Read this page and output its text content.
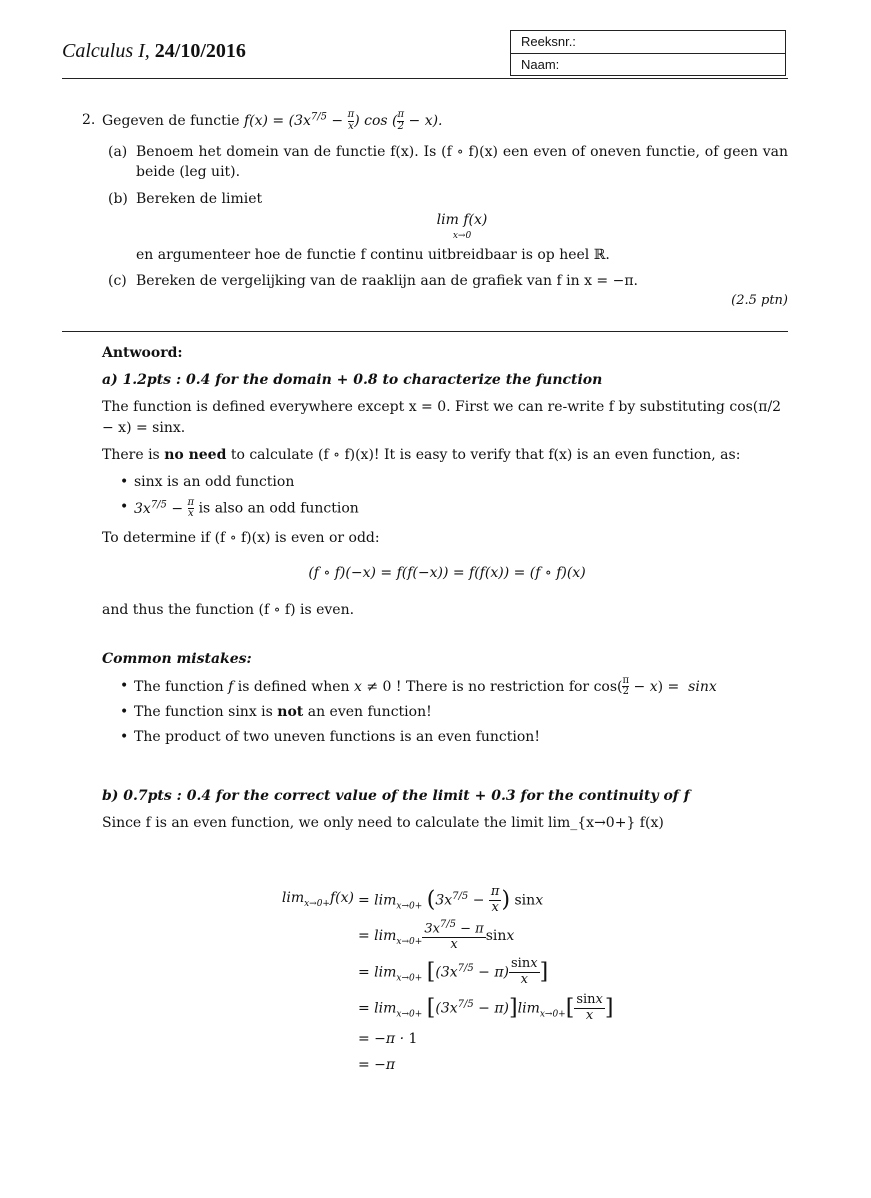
Calculus I, 24/10/2016	Reeksnr.:
Naam:
2. Gegeven de functie $f(x) = (3x^{7/5} - \frac{\pi}{x}$ ) cos ( $\frac{\pi}{2} - x$).
(a) Benoem het domein van de functie f(x). Is (f ∘ f)(x) een even of oneven functie, of geen van beide (leg uit).
(b) Bereken de limiet
lim f(x)
x→0
en argumenteer hoe de functie f continu uitbreidbaar is op heel ℝ.
(c) Bereken de vergelijking van de raaklijn aan de grafiek van f in x = −π.
(2.5 ptn)

Antwoord:

a) 1.2pts : 0.4 for the domain + 0.8 to characterize the function

The function is defined everywhere except x = 0. First we can re-write f by substituting cos(π/2 − x) = sinx.

There is no need to calculate (f ∘ f)(x)! It is easy to verify that f(x) is an even function, as:

• sinx is an odd function
• $3x^{7/5} - \frac{\pi}{x}$ is also an odd function

To determine if (f ∘ f)(x) is even or odd:

(f ∘ f)(−x) = f(f(−x)) = f(f(x)) = (f ∘ f)(x)

and thus the function (f ∘ f) is even.

Common mistakes:

• The function f is defined when x ≠ 0 ! There is no restriction for $\cos( \frac{\pi}{2} - x) = \sin x$
• The function sinx is not an even function!
• The product of two uneven functions is an even function!

b) 0.7pts : 0.4 for the correct value of the limit + 0.3 for the continuity of f

Since f is an even function, we only need to calculate the limit lim_{x→0+} f(x)

$\lim_{x\to 0+}f(x) = \lim_{x\to 0+} (3x^{7/5} - \frac{\pi}{x}$ ) sinx
= $\lim_{x\to 0+} \frac{3x^{7/5} - \pi}{x}$ sinx
= $\lim_{x\to 0+} [(3x^{7/5} - \pi) \frac{\sin x}{x}$ ]
= $\lim_{x\to 0+} [(3x^{7/5} - \pi)]\lim_{x\to 0+}[ \frac{\sin x}{x}$ ]
= −π · 1
= −π
